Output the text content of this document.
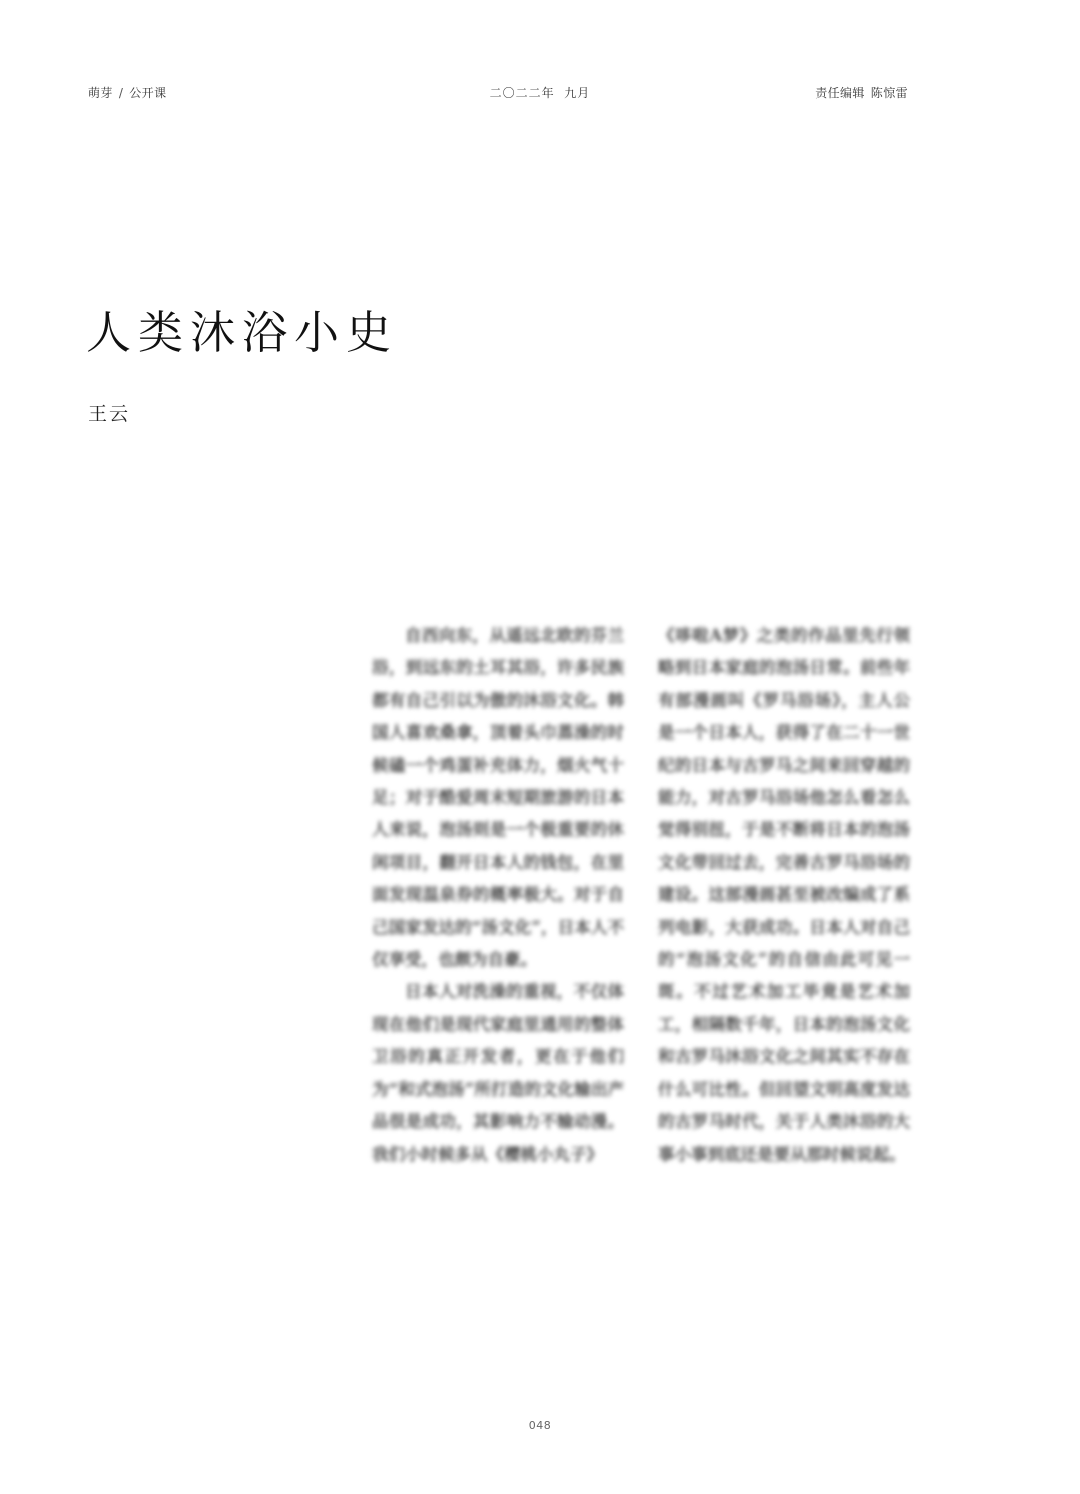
萌芽 / 公开课	二〇二二年  九月	责任编辑 陈惊雷
人类沐浴小史
王云

自西向东，从遥远北欧的芬兰浴，到远东的土耳其浴，许多民族都有自己引以为傲的沐浴文化。韩国人喜欢桑拿，顶着头巾蒸澡的时候磕一个鸡蛋补充体力，烟火气十足；对于酷爱周末短期旅游的日本人来说，泡汤则是一个极重要的休闲项目，翻开日本人的钱包，在里面发现温泉券的概率极大。对于自己国家发达的“汤文化”，日本人不仅享受，也颇为自豪。

日本人对洗澡的重视，不仅体现在他们是现代家庭里通用的整体卫浴的真正开发者，更在于他们为“和式泡汤”所打造的文化输出产品很是成功，其影响力不输动漫。我们小时候多从《樱桃小丸子》

《哆啦A梦》之类的作品里先行领略到日本家庭的泡汤日常。前些年有部漫画叫《罗马浴场》，主人公是一个日本人，获得了在二十一世纪的日本与古罗马之间来回穿越的能力，对古罗马浴场他怎么看怎么觉得别扭，于是不断将日本的泡汤文化带回过去，完善古罗马浴场的建设。这部漫画甚至被改编成了系列电影，大获成功。日本人对自己的“泡汤文化”的自信由此可见一斑。不过艺术加工毕竟是艺术加工，相隔数千年，日本的泡汤文化和古罗马沐浴文化之间其实不存在什么可比性。但回望文明高度发达的古罗马时代，关于人类沐浴的大事小事到底还是要从那时候说起。

048
